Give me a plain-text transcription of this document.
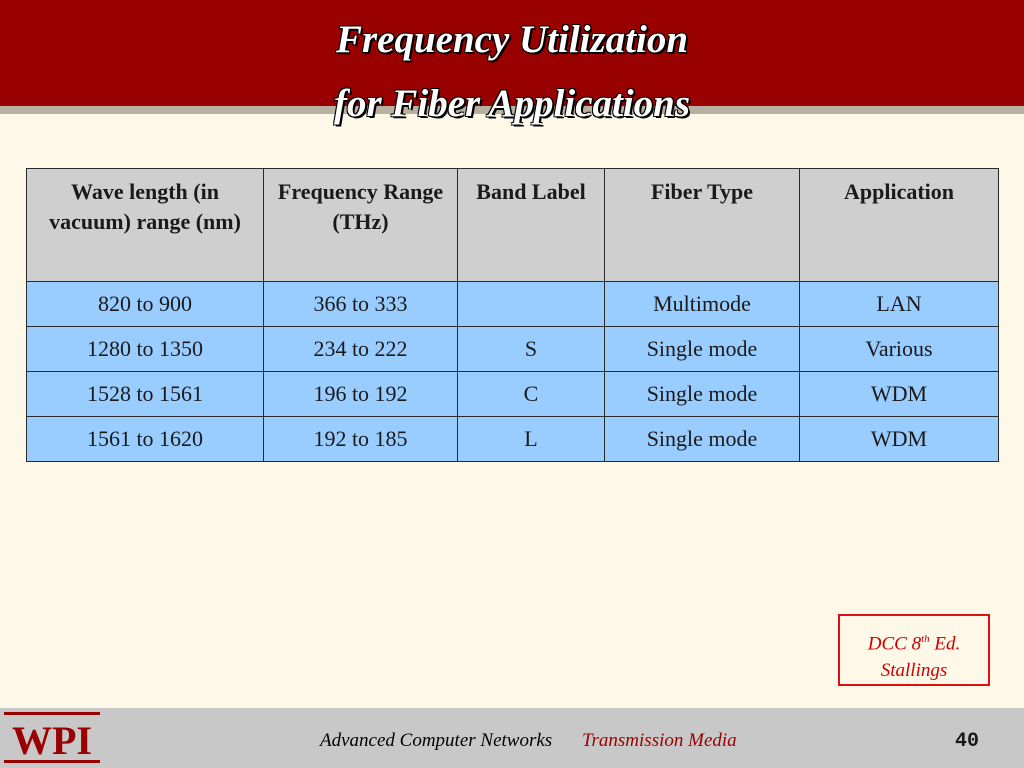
Frequency Utilization
for Fiber Applications
Wave length (in vacuum) range (nm)	Frequency Range (THz)	Band Label	Fiber Type	Application
820 to 900	366 to 333		Multimode	LAN
1280 to 1350	234 to 222	S	Single mode	Various
1528 to 1561	196 to 192	C	Single mode	WDM
1561 to 1620	192 to 185	L	Single mode	WDM
DCC 8th Ed.
Stallings
WPI	Advanced Computer Networks Transmission Media	40
